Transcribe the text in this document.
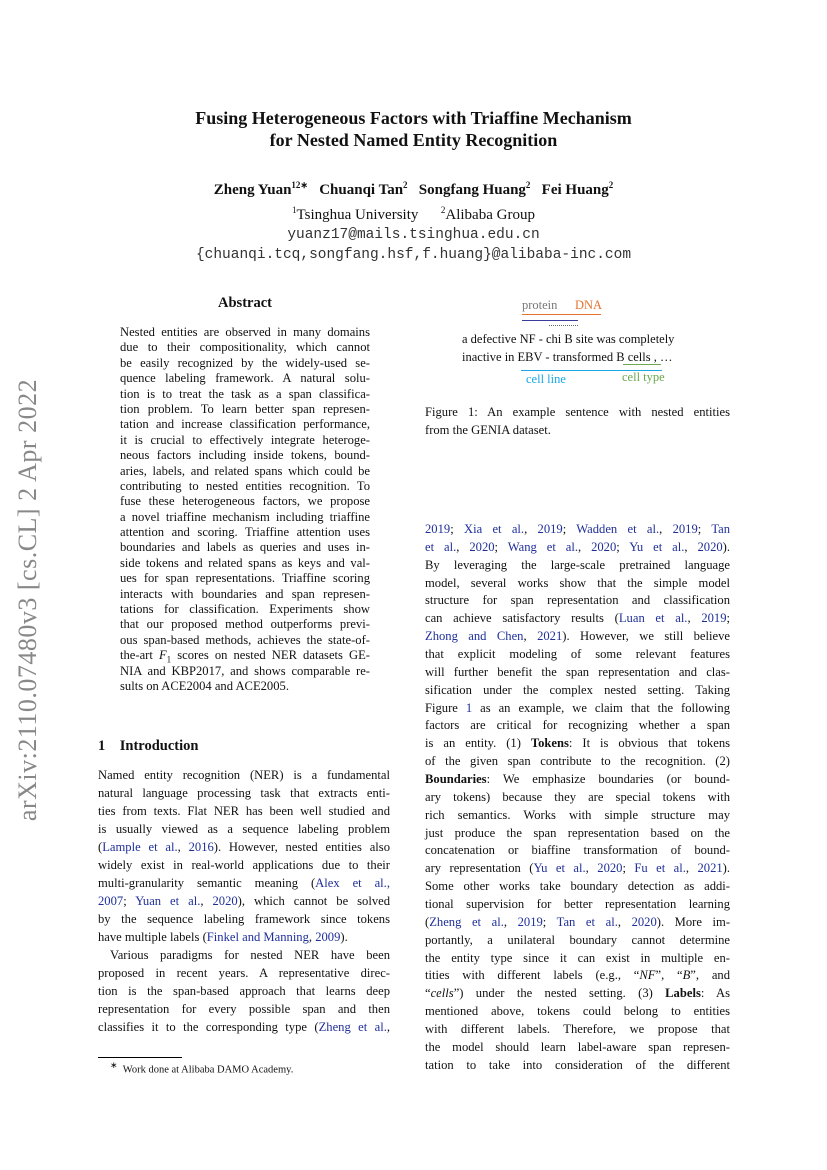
arXiv:2110.07480v3 [cs.CL] 2 Apr 2022
Fusing Heterogeneous Factors with Triaffine Mechanism
for Nested Named Entity Recognition
Zheng Yuan$^{12∗}$ Chuanqi Tan$^2$ Songfang Huang$^2$ Fei Huang$^2$
$^1$Tsinghua University	$^2$Alibaba Group
yuanz17@mails.tsinghua.edu.cn
{chuanqi.tcq,songfang.hsf,f.huang}@alibaba-inc.com
Abstract
Nested entities are observed in many domains
due to their compositionality, which cannot
be easily recognized by the widely-used se-
quence labeling framework. A natural solu-
tion is to treat the task as a span classifica-
tion problem. To learn better span represen-
tation and increase classification performance,
it is crucial to effectively integrate heteroge-
neous factors including inside tokens, bound-
aries, labels, and related spans which could be
contributing to nested entities recognition. To
fuse these heterogeneous factors, we propose
a novel triaffine mechanism including triaffine
attention and scoring. Triaffine attention uses
boundaries and labels as queries and uses in-
side tokens and related spans as keys and val-
ues for span representations. Triaffine scoring
interacts with boundaries and span represen-
tations for classification. Experiments show
that our proposed method outperforms previ-
ous span-based methods, achieves the state-of-
the-art $F_1$ scores on nested NER datasets GE-
NIA and KBP2017, and shows comparable re-
sults on ACE2004 and ACE2005.
1 Introduction
Named entity recognition (NER) is a fundamental
natural language processing task that extracts enti-
ties from texts. Flat NER has been well studied and
is usually viewed as a sequence labeling problem
(Lample et al., 2016). However, nested entities also
widely exist in real-world applications due to their
multi-granularity semantic meaning (Alex et al.,
2007; Yuan et al., 2020), which cannot be solved
by the sequence labeling framework since tokens
have multiple labels (Finkel and Manning, 2009).
Various paradigms for nested NER have been
proposed in recent years. A representative direc-
tion is the span-based approach that learns deep
representation for every possible span and then
classifies it to the corresponding type (Zheng et al.,
∗ Work done at Alibaba DAMO Academy.
protein DNA
a defective NF - chi B site was completely
inactive in EBV - transformed B cells , …
cell line	cell type
Figure 1: An example sentence with nested entities
from the GENIA dataset.
2019; Xia et al., 2019; Wadden et al., 2019; Tan
et al., 2020; Wang et al., 2020; Yu et al., 2020).
By leveraging the large-scale pretrained language
model, several works show that the simple model
structure for span representation and classification
can achieve satisfactory results (Luan et al., 2019;
Zhong and Chen, 2021). However, we still believe
that explicit modeling of some relevant features
will further benefit the span representation and clas-
sification under the complex nested setting. Taking
Figure 1 as an example, we claim that the following
factors are critical for recognizing whether a span
is an entity. (1) Tokens: It is obvious that tokens
of the given span contribute to the recognition. (2)
Boundaries: We emphasize boundaries (or bound-
ary tokens) because they are special tokens with
rich semantics. Works with simple structure may
just produce the span representation based on the
concatenation or biaffine transformation of bound-
ary representation (Yu et al., 2020; Fu et al., 2021).
Some other works take boundary detection as addi-
tional supervision for better representation learning
(Zheng et al., 2019; Tan et al., 2020). More im-
portantly, a unilateral boundary cannot determine
the entity type since it can exist in multiple en-
tities with different labels (e.g., “NF”, “B”, and
“cells”) under the nested setting. (3) Labels: As
mentioned above, tokens could belong to entities
with different labels. Therefore, we propose that
the model should learn label-aware span represen-
tation to take into consideration of the different
